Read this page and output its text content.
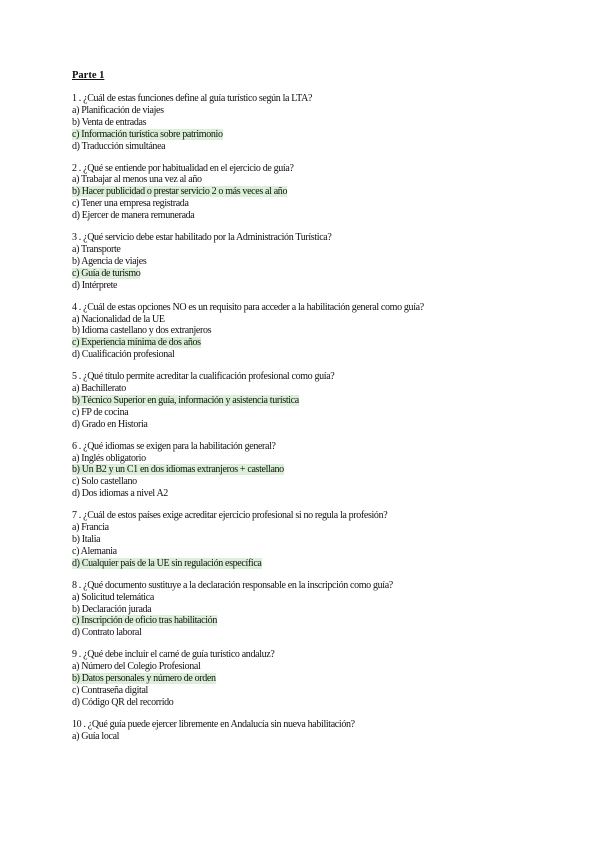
Parte 1
1 . ¿Cuál de estas funciones define al guía turístico según la LTA?
a) Planificación de viajes
b) Venta de entradas
c) Información turística sobre patrimonio
d) Traducción simultánea
2 . ¿Qué se entiende por habitualidad en el ejercicio de guía?
a) Trabajar al menos una vez al año
b) Hacer publicidad o prestar servicio 2 o más veces al año
c) Tener una empresa registrada
d) Ejercer de manera remunerada
3 . ¿Qué servicio debe estar habilitado por la Administración Turística?
a) Transporte
b) Agencia de viajes
c) Guía de turismo
d) Intérprete
4 . ¿Cuál de estas opciones NO es un requisito para acceder a la habilitación general como guía?
a) Nacionalidad de la UE
b) Idioma castellano y dos extranjeros
c) Experiencia mínima de dos años
d) Cualificación profesional
5 . ¿Qué título permite acreditar la cualificación profesional como guía?
a) Bachillerato
b) Técnico Superior en guía, información y asistencia turística
c) FP de cocina
d) Grado en Historia
6 . ¿Qué idiomas se exigen para la habilitación general?
a) Inglés obligatorio
b) Un B2 y un C1 en dos idiomas extranjeros + castellano
c) Solo castellano
d) Dos idiomas a nivel A2
7 . ¿Cuál de estos países exige acreditar ejercicio profesional si no regula la profesión?
a) Francia
b) Italia
c) Alemania
d) Cualquier país de la UE sin regulación específica
8 . ¿Qué documento sustituye a la declaración responsable en la inscripción como guía?
a) Solicitud telemática
b) Declaración jurada
c) Inscripción de oficio tras habilitación
d) Contrato laboral
9 . ¿Qué debe incluir el carné de guía turístico andaluz?
a) Número del Colegio Profesional
b) Datos personales y número de orden
c) Contraseña digital
d) Código QR del recorrido
10 . ¿Qué guía puede ejercer libremente en Andalucía sin nueva habilitación?
a) Guía local
